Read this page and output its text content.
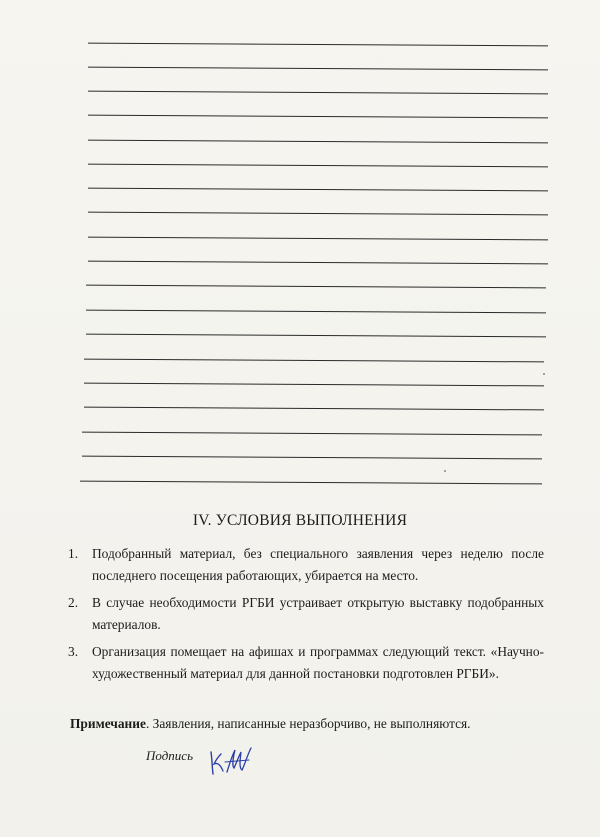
IV. УСЛОВИЯ ВЫПОЛНЕНИЯ
1. Подобранный материал, без специального заявления через неделю после последнего посещения работающих, убирается на место.
2. В случае необходимости РГБИ устраивает открытую выставку подобранных материалов.
3. Организация помещает на афишах и программах следующий текст. «Научно-художественный материал для данной постановки подготовлен РГБИ».
Примечание. Заявления, написанные неразборчиво, не выполняются.
Подпись
